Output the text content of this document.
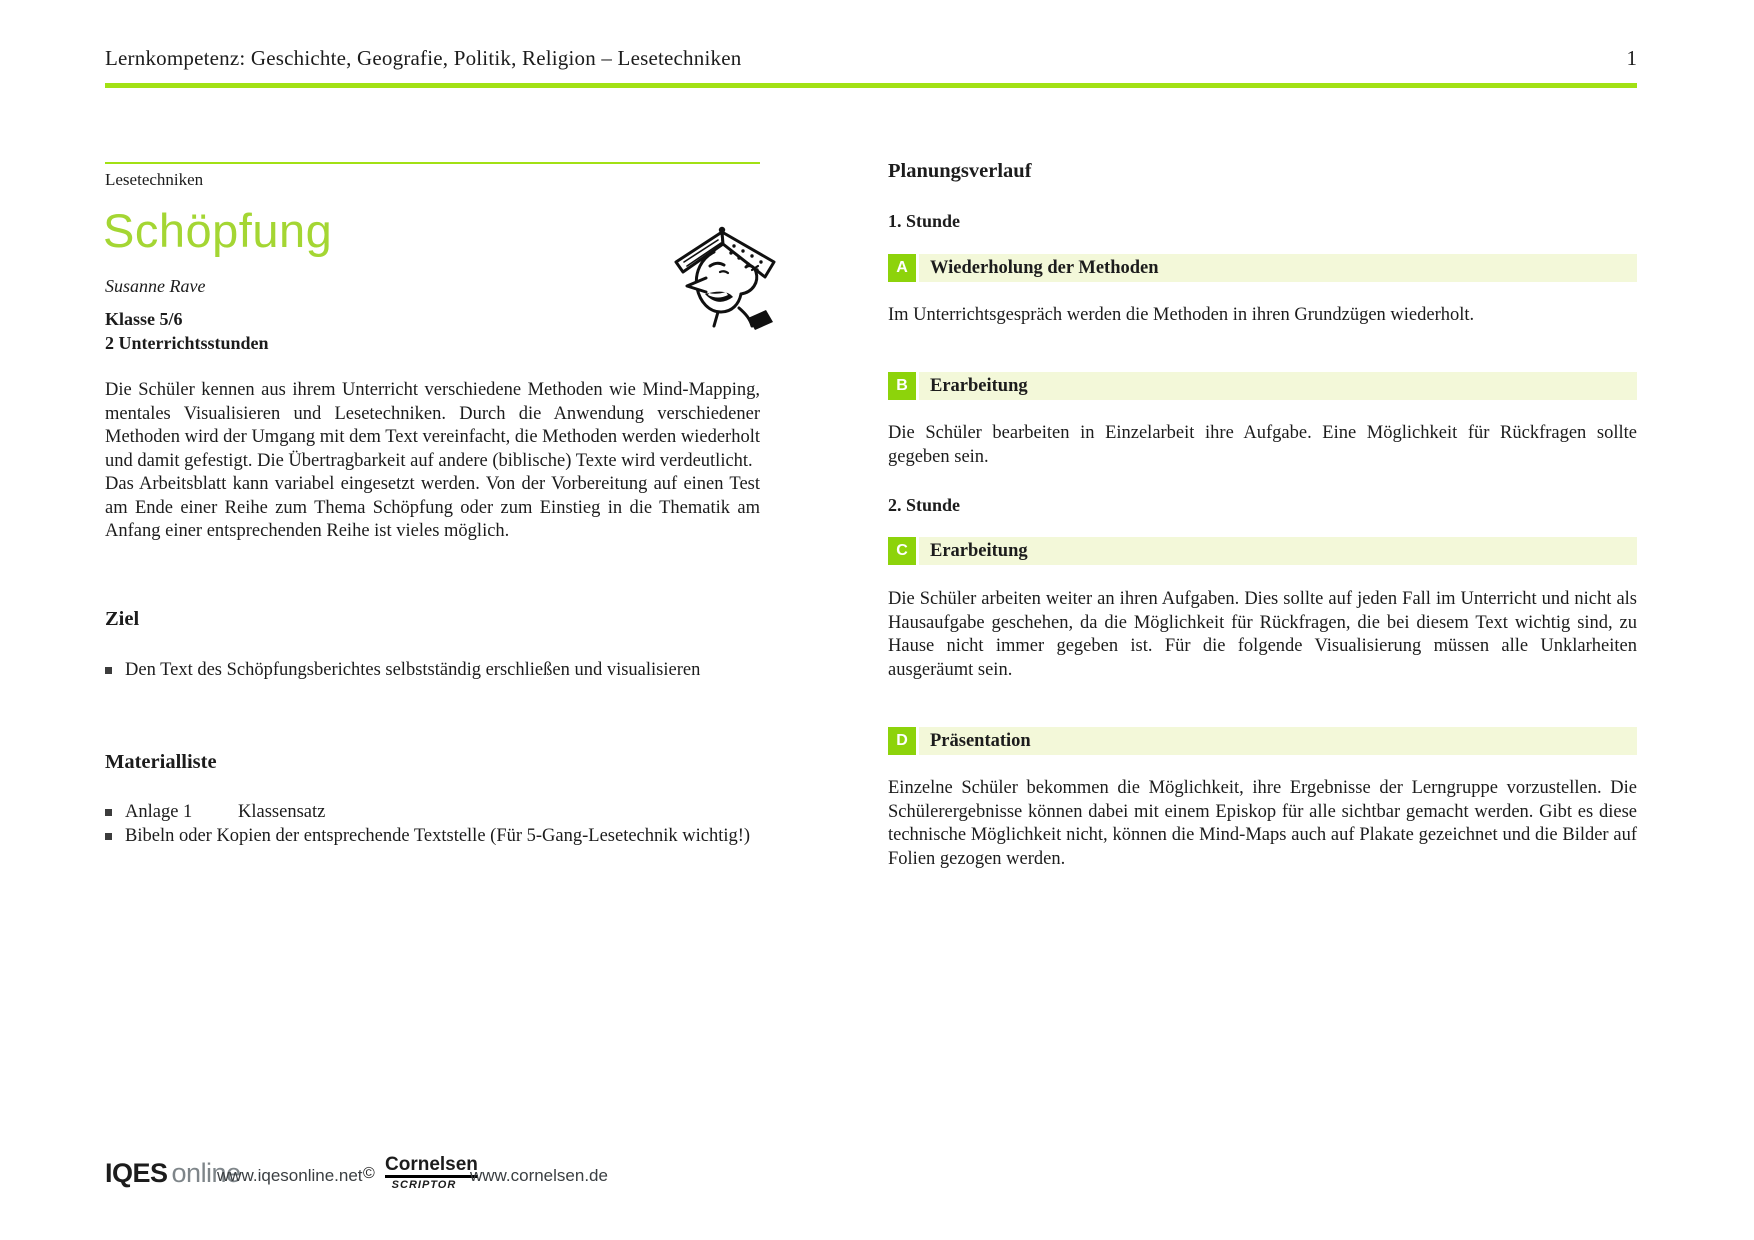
Lernkompetenz: Geschichte, Geografie, Politik, Religion – Lesetechniken	1
Lesetechniken
Schöpfung
Susanne Rave
Klasse 5/6
2 Unterrichtsstunden

Die Schüler kennen aus ihrem Unterricht verschiedene Methoden wie Mind-Mapping, mentales Visualisieren und Lesetechniken. Durch die Anwendung verschiedener Methoden wird der Umgang mit dem Text vereinfacht, die Methoden werden wiederholt und damit gefestigt. Die Übertragbarkeit auf andere (biblische) Texte wird verdeutlicht.

Das Arbeitsblatt kann variabel eingesetzt werden. Von der Vorbereitung auf einen Test am Ende einer Reihe zum Thema Schöpfung oder zum Einstieg in die Thematik am Anfang einer entsprechenden Reihe ist vieles möglich.

Ziel
Den Text des Schöpfungsberichtes selbstständig erschließen und visualisieren
Materialliste
Anlage 1 Klassensatz
Bibeln oder Kopien der entsprechende Textstelle (Für 5-Gang-Lesetechnik wichtig!)
Planungsverlauf
1. Stunde
A	Wiederholung der Methoden
Im Unterrichtsgespräch werden die Methoden in ihren Grundzügen wiederholt.
B	Erarbeitung
Die Schüler bearbeiten in Einzelarbeit ihre Aufgabe. Eine Möglichkeit für Rückfragen sollte gegeben sein.
2. Stunde
C	Erarbeitung
Die Schüler arbeiten weiter an ihren Aufgaben. Dies sollte auf jeden Fall im Unterricht und nicht als Hausaufgabe geschehen, da die Möglichkeit für Rückfragen, die bei diesem Text wichtig sind, zu Hause nicht immer gegeben ist. Für die folgende Visualisierung müssen alle Unklarheiten ausgeräumt sein.
D	Präsentation
Einzelne Schüler bekommen die Möglichkeit, ihre Ergebnisse der Lerngruppe vorzustellen. Die Schülerergebnisse können dabei mit einem Episkop für alle sichtbar gemacht werden. Gibt es diese technische Möglichkeit nicht, können die Mind-Maps auch auf Plakate gezeichnet und die Bilder auf Folien gezogen werden.
IQES online
www.iqesonline.net © Cornelsen
SCRIPTOR www.cornelsen.de
